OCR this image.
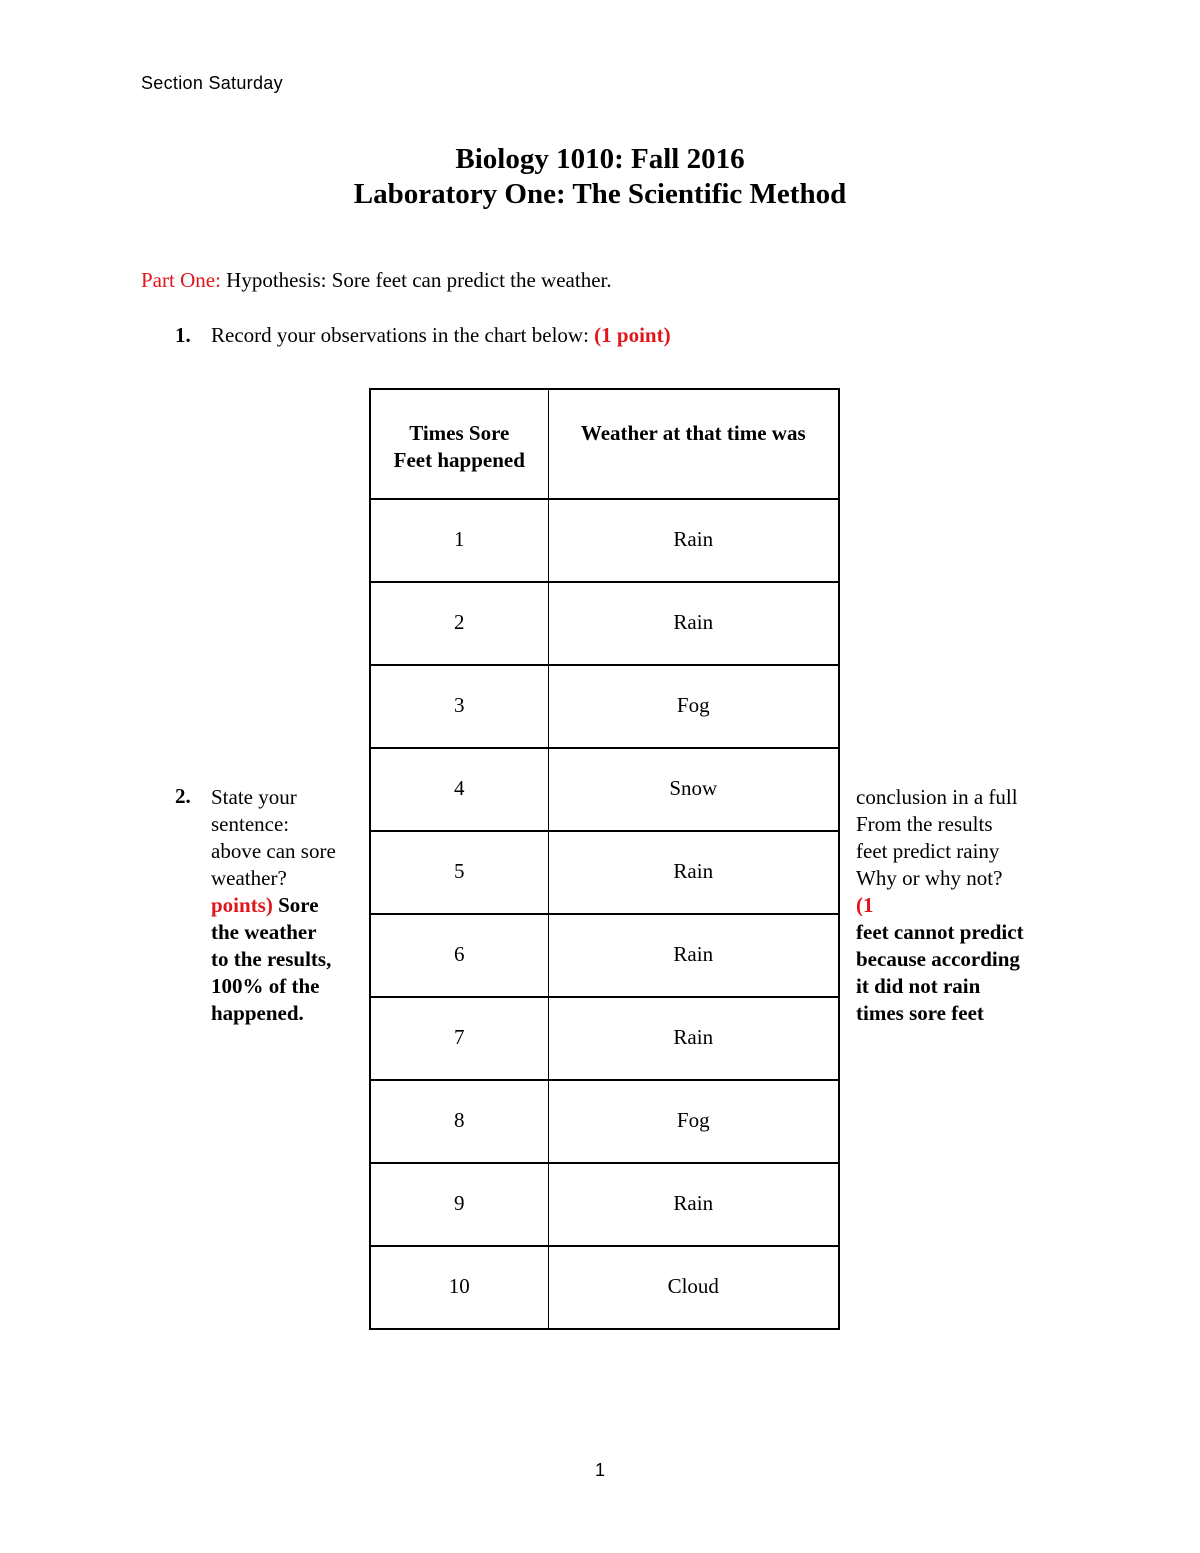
Section Saturday
Biology 1010: Fall 2016
Laboratory One: The Scientific Method
Part One: Hypothesis: Sore feet can predict the weather.
1. Record your observations in the chart below: (1 point)
Times Sore
Feet happened	Weather at that time was
1	Rain
2	Rain
3	Fog
4	Snow
5	Rain
6	Rain
7	Rain
8	Fog
9	Rain
10	Cloud
2. State your
sentence:
above can sore
weather?
points) Sore
the weather
to the results,
100% of the
happened.
conclusion in a full
From the results
feet predict rainy
Why or why not?
(1
feet cannot predict
because according
it did not rain
times sore feet
1
